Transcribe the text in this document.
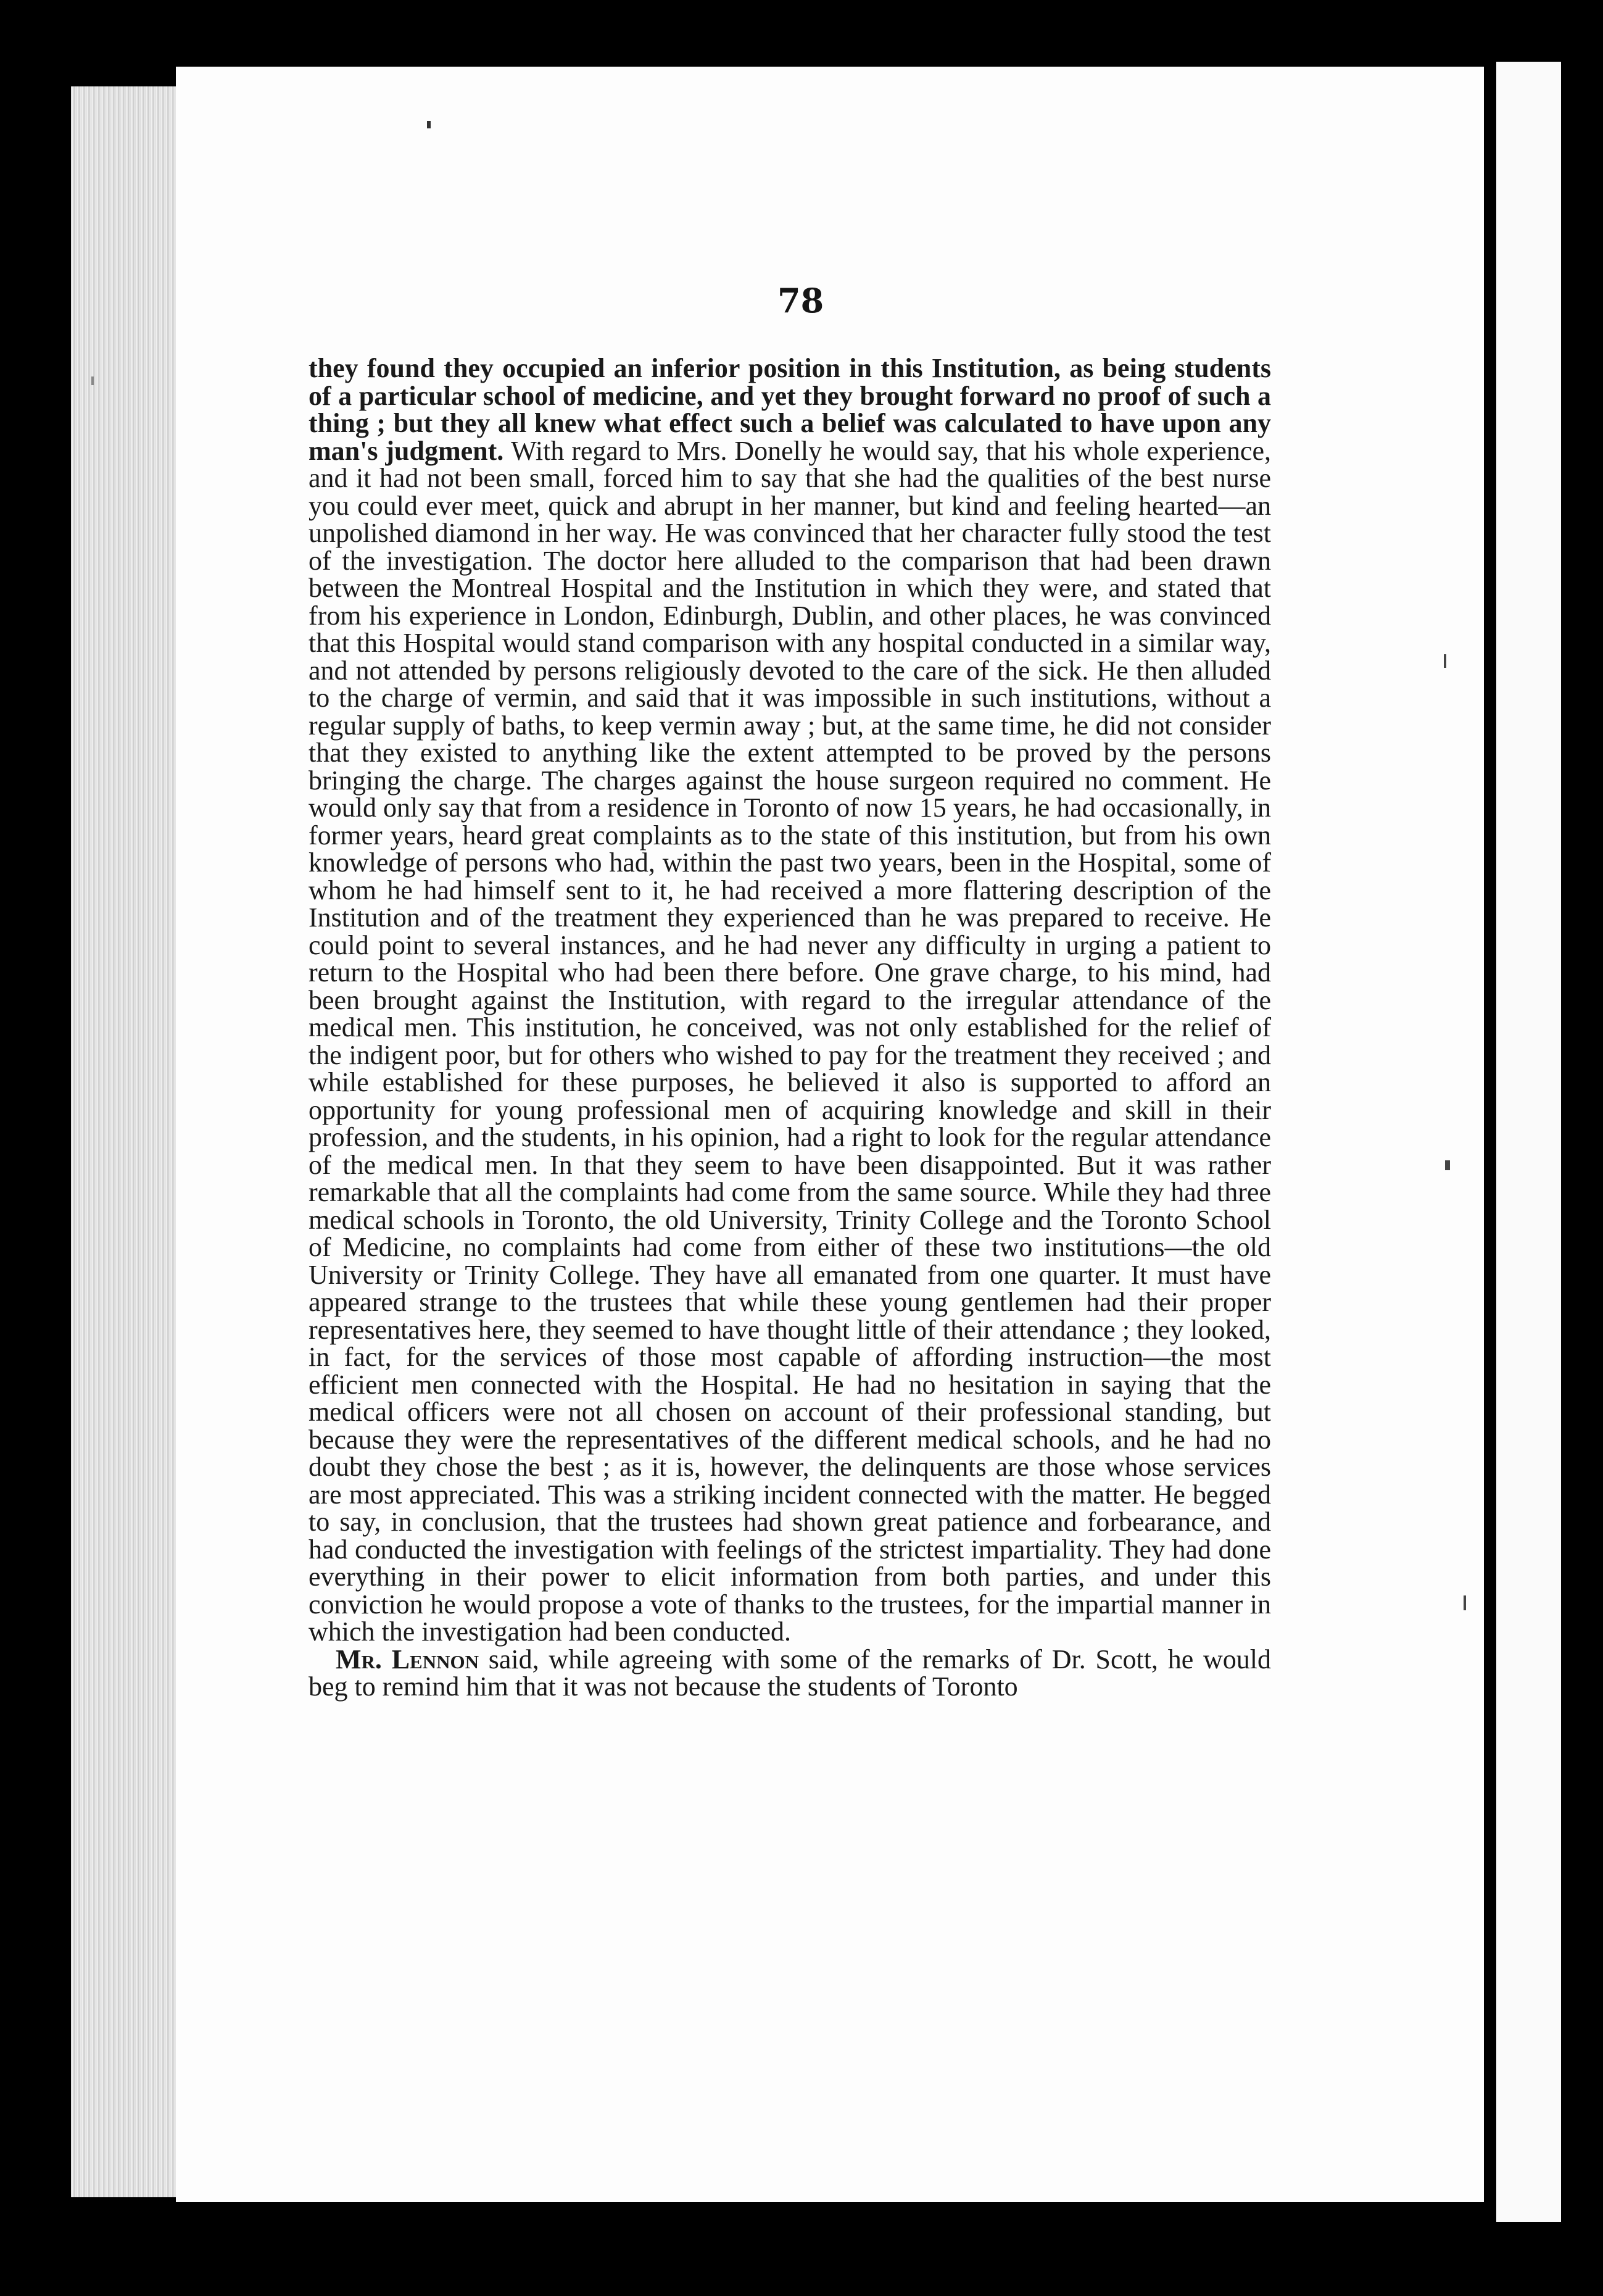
78

they found they occupied an inferior position in this Institution, as being students of a particular school of medicine, and yet they brought forward no proof of such a thing ; but they all knew what effect such a belief was calculated to have upon any man's judgment. With regard to Mrs. Donelly he would say, that his whole experience, and it had not been small, forced him to say that she had the qualities of the best nurse you could ever meet, quick and abrupt in her manner, but kind and feeling hearted—an unpolished diamond in her way. He was convinced that her character fully stood the test of the investigation. The doctor here alluded to the comparison that had been drawn between the Montreal Hospital and the Institution in which they were, and stated that from his experience in London, Edinburgh, Dublin, and other places, he was convinced that this Hospital would stand comparison with any hospital conducted in a similar way, and not attended by persons religiously devoted to the care of the sick. He then alluded to the charge of vermin, and said that it was impossible in such institutions, without a regular supply of baths, to keep vermin away ; but, at the same time, he did not consider that they existed to anything like the extent attempted to be proved by the persons bringing the charge. The charges against the house surgeon required no comment. He would only say that from a residence in Toronto of now 15 years, he had occasionally, in former years, heard great complaints as to the state of this institution, but from his own knowledge of persons who had, within the past two years, been in the Hospital, some of whom he had himself sent to it, he had received a more flattering description of the Institution and of the treatment they experienced than he was prepared to receive. He could point to several instances, and he had never any difficulty in urging a patient to return to the Hospital who had been there before. One grave charge, to his mind, had been brought against the Institution, with regard to the irregular attendance of the medical men. This institution, he conceived, was not only established for the relief of the indigent poor, but for others who wished to pay for the treatment they received ; and while established for these purposes, he believed it also is supported to afford an opportunity for young professional men of acquiring knowledge and skill in their profession, and the students, in his opinion, had a right to look for the regular attendance of the medical men. In that they seem to have been disappointed. But it was rather remarkable that all the complaints had come from the same source. While they had three medical schools in Toronto, the old University, Trinity College and the Toronto School of Medicine, no complaints had come from either of these two institutions—the old University or Trinity College. They have all emanated from one quarter. It must have appeared strange to the trustees that while these young gentlemen had their proper representatives here, they seemed to have thought little of their attendance ; they looked, in fact, for the services of those most capable of affording instruction—the most efficient men connected with the Hospital. He had no hesitation in saying that the medical officers were not all chosen on account of their professional standing, but because they were the representatives of the different medical schools, and he had no doubt they chose the best ; as it is, however, the delinquents are those whose services are most appreciated. This was a striking incident connected with the matter. He begged to say, in conclusion, that the trustees had shown great patience and forbearance, and had conducted the investigation with feelings of the strictest impartiality. They had done everything in their power to elicit information from both parties, and under this conviction he would propose a vote of thanks to the trustees, for the impartial manner in which the investigation had been conducted.

Mr. Lennon said, while agreeing with some of the remarks of Dr. Scott, he would beg to remind him that it was not because the students of Toronto
